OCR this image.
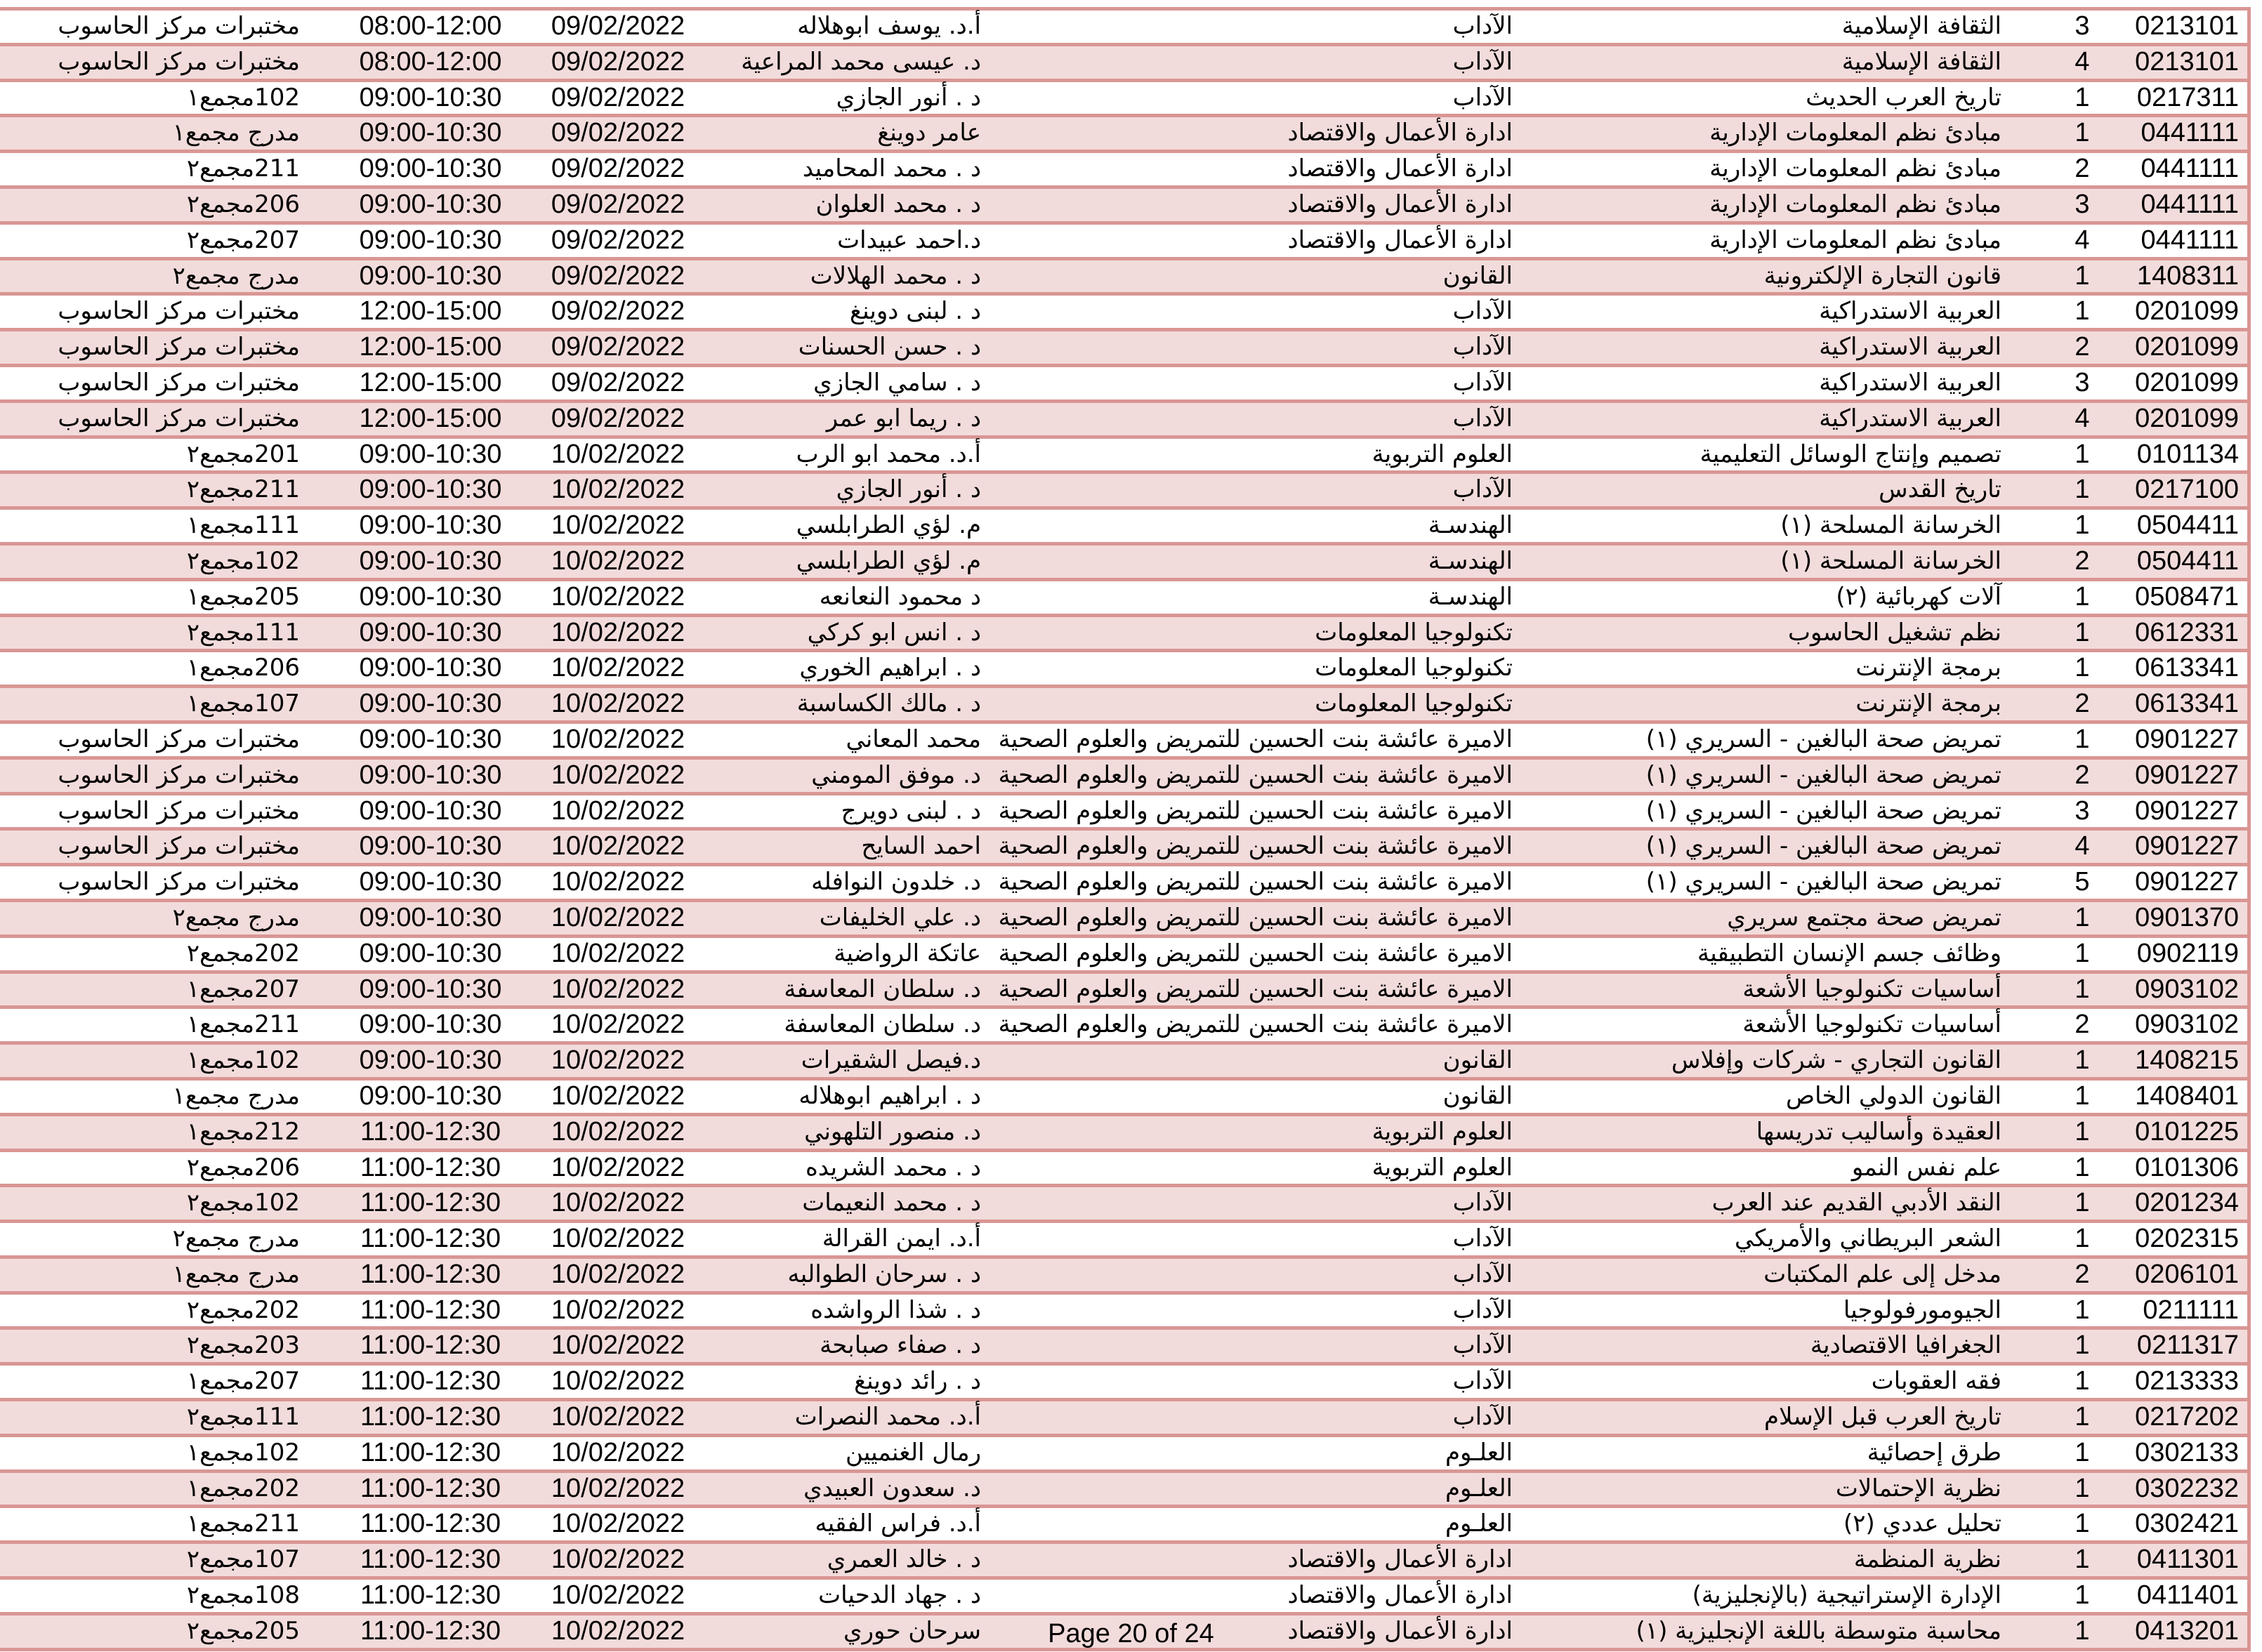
0213101
3
الثقافة الإسلامية
الآداب
أ.د. يوسف ابوهلاله
09/02/2022
08:00-12:00
مختبرات مركز الحاسوب
0213101
4
الثقافة الإسلامية
الآداب
د. عيسى محمد المراعية
09/02/2022
08:00-12:00
مختبرات مركز الحاسوب
0217311
1
تاريخ العرب الحديث
الآداب
د . أنور الجازي
09/02/2022
09:00-10:30
102مجمع١
0441111
1
مبادئ نظم المعلومات الإدارية
ادارة الأعمال والاقتصاد
عامر دوينغ
09/02/2022
09:00-10:30
مدرج مجمع١
0441111
2
مبادئ نظم المعلومات الإدارية
ادارة الأعمال والاقتصاد
د . محمد المحاميد
09/02/2022
09:00-10:30
211مجمع٢
0441111
3
مبادئ نظم المعلومات الإدارية
ادارة الأعمال والاقتصاد
د . محمد العلوان
09/02/2022
09:00-10:30
206مجمع٢
0441111
4
مبادئ نظم المعلومات الإدارية
ادارة الأعمال والاقتصاد
د.احمد عبيدات
09/02/2022
09:00-10:30
207مجمع٢
1408311
1
قانون التجارة الإلكترونية
القانون
د . محمد الهلالات
09/02/2022
09:00-10:30
مدرج مجمع٢
0201099
1
العربية الاستدراكية
الآداب
د . لبنى دوينغ
09/02/2022
12:00-15:00
مختبرات مركز الحاسوب
0201099
2
العربية الاستدراكية
الآداب
د . حسن الحسنات
09/02/2022
12:00-15:00
مختبرات مركز الحاسوب
0201099
3
العربية الاستدراكية
الآداب
د . سامي الجازي
09/02/2022
12:00-15:00
مختبرات مركز الحاسوب
0201099
4
العربية الاستدراكية
الآداب
د . ريما ابو عمر
09/02/2022
12:00-15:00
مختبرات مركز الحاسوب
0101134
1
تصميم وإنتاج الوسائل التعليمية
العلوم التربوية
أ.د. محمد ابو الرب
10/02/2022
09:00-10:30
201مجمع٢
0217100
1
تاريخ القدس
الآداب
د . أنور الجازي
10/02/2022
09:00-10:30
211مجمع٢
0504411
1
الخرسانة المسلحة (١)
الهندسـة
م. لؤي الطرابلسي
10/02/2022
09:00-10:30
111مجمع١
0504411
2
الخرسانة المسلحة (١)
الهندسـة
م. لؤي الطرابلسي
10/02/2022
09:00-10:30
102مجمع٢
0508471
1
آلات كهربائية (٢)
الهندسـة
د محمود النعانعه
10/02/2022
09:00-10:30
205مجمع١
0612331
1
نظم تشغيل الحاسوب
تكنولوجيا المعلومات
د . انس ابو كركي
10/02/2022
09:00-10:30
111مجمع٢
0613341
1
برمجة الإنترنت
تكنولوجيا المعلومات
د . ابراهيم الخوري
10/02/2022
09:00-10:30
206مجمع١
0613341
2
برمجة الإنترنت
تكنولوجيا المعلومات
د . مالك الكساسبة
10/02/2022
09:00-10:30
107مجمع١
0901227
1
تمريض صحة البالغين - السريري (١)
الاميرة عائشة بنت الحسين للتمريض والعلوم الصحية
محمد المعاني
10/02/2022
09:00-10:30
مختبرات مركز الحاسوب
0901227
2
تمريض صحة البالغين - السريري (١)
الاميرة عائشة بنت الحسين للتمريض والعلوم الصحية
د. موفق المومني
10/02/2022
09:00-10:30
مختبرات مركز الحاسوب
0901227
3
تمريض صحة البالغين - السريري (١)
الاميرة عائشة بنت الحسين للتمريض والعلوم الصحية
د . لبنى دويرج
10/02/2022
09:00-10:30
مختبرات مركز الحاسوب
0901227
4
تمريض صحة البالغين - السريري (١)
الاميرة عائشة بنت الحسين للتمريض والعلوم الصحية
احمد السايح
10/02/2022
09:00-10:30
مختبرات مركز الحاسوب
0901227
5
تمريض صحة البالغين - السريري (١)
الاميرة عائشة بنت الحسين للتمريض والعلوم الصحية
د. خلدون النوافله
10/02/2022
09:00-10:30
مختبرات مركز الحاسوب
0901370
1
تمريض صحة مجتمع سريري
الاميرة عائشة بنت الحسين للتمريض والعلوم الصحية
د. علي الخليفات
10/02/2022
09:00-10:30
مدرج مجمع٢
0902119
1
وظائف جسم الإنسان التطبيقية
الاميرة عائشة بنت الحسين للتمريض والعلوم الصحية
عاتكة الرواضية
10/02/2022
09:00-10:30
202مجمع٢
0903102
1
أساسيات تكنولوجيا الأشعة
الاميرة عائشة بنت الحسين للتمريض والعلوم الصحية
د. سلطان المعاسفة
10/02/2022
09:00-10:30
207مجمع١
0903102
2
أساسيات تكنولوجيا الأشعة
الاميرة عائشة بنت الحسين للتمريض والعلوم الصحية
د. سلطان المعاسفة
10/02/2022
09:00-10:30
211مجمع١
1408215
1
القانون التجاري - شركات وإفلاس
القانون
د.فيصل الشقيرات
10/02/2022
09:00-10:30
102مجمع١
1408401
1
القانون الدولي الخاص
القانون
د . ابراهيم ابوهلاله
10/02/2022
09:00-10:30
مدرج مجمع١
0101225
1
العقيدة وأساليب تدريسها
العلوم التربوية
د. منصور التلهوني
10/02/2022
11:00-12:30
212مجمع١
0101306
1
علم نفس النمو
العلوم التربوية
د . محمد الشريده
10/02/2022
11:00-12:30
206مجمع٢
0201234
1
النقد الأدبي القديم عند العرب
الآداب
د . محمد النعيمات
10/02/2022
11:00-12:30
102مجمع٢
0202315
1
الشعر البريطاني والأمريكي
الآداب
أ.د. ايمن القرالة
10/02/2022
11:00-12:30
مدرج مجمع٢
0206101
2
مدخل إلى علم المكتبات
الآداب
د . سرحان الطوالبه
10/02/2022
11:00-12:30
مدرج مجمع١
0211111
1
الجيومورفولوجيا
الآداب
د . شذا الرواشده
10/02/2022
11:00-12:30
202مجمع٢
0211317
1
الجغرافيا الاقتصادية
الآداب
د . صفاء صبابحة
10/02/2022
11:00-12:30
203مجمع٢
0213333
1
فقه العقوبات
الآداب
د . رائد دوينغ
10/02/2022
11:00-12:30
207مجمع١
0217202
1
تاريخ العرب قبل الإسلام
الآداب
أ.د. محمد النصرات
10/02/2022
11:00-12:30
111مجمع٢
0302133
1
طرق إحصائية
العلـوم
رمال الغنميين
10/02/2022
11:00-12:30
102مجمع١
0302232
1
نظرية الإحتمالات
العلـوم
د. سعدون العبيدي
10/02/2022
11:00-12:30
202مجمع١
0302421
1
تحليل عددي (٢)
العلـوم
أ.د. فراس الفقيه
10/02/2022
11:00-12:30
211مجمع١
0411301
1
نظرية المنظمة
ادارة الأعمال والاقتصاد
د . خالد العمري
10/02/2022
11:00-12:30
107مجمع٢
0411401
1
الإدارة الإستراتيجية (بالإنجليزية)
ادارة الأعمال والاقتصاد
د . جهاد الدحيات
10/02/2022
11:00-12:30
108مجمع٢
0413201
1
محاسبة متوسطة باللغة الإنجليزية (١)
ادارة الأعمال والاقتصاد
سرحان حوري
10/02/2022
11:00-12:30
205مجمع٢	Page 20 of 24
